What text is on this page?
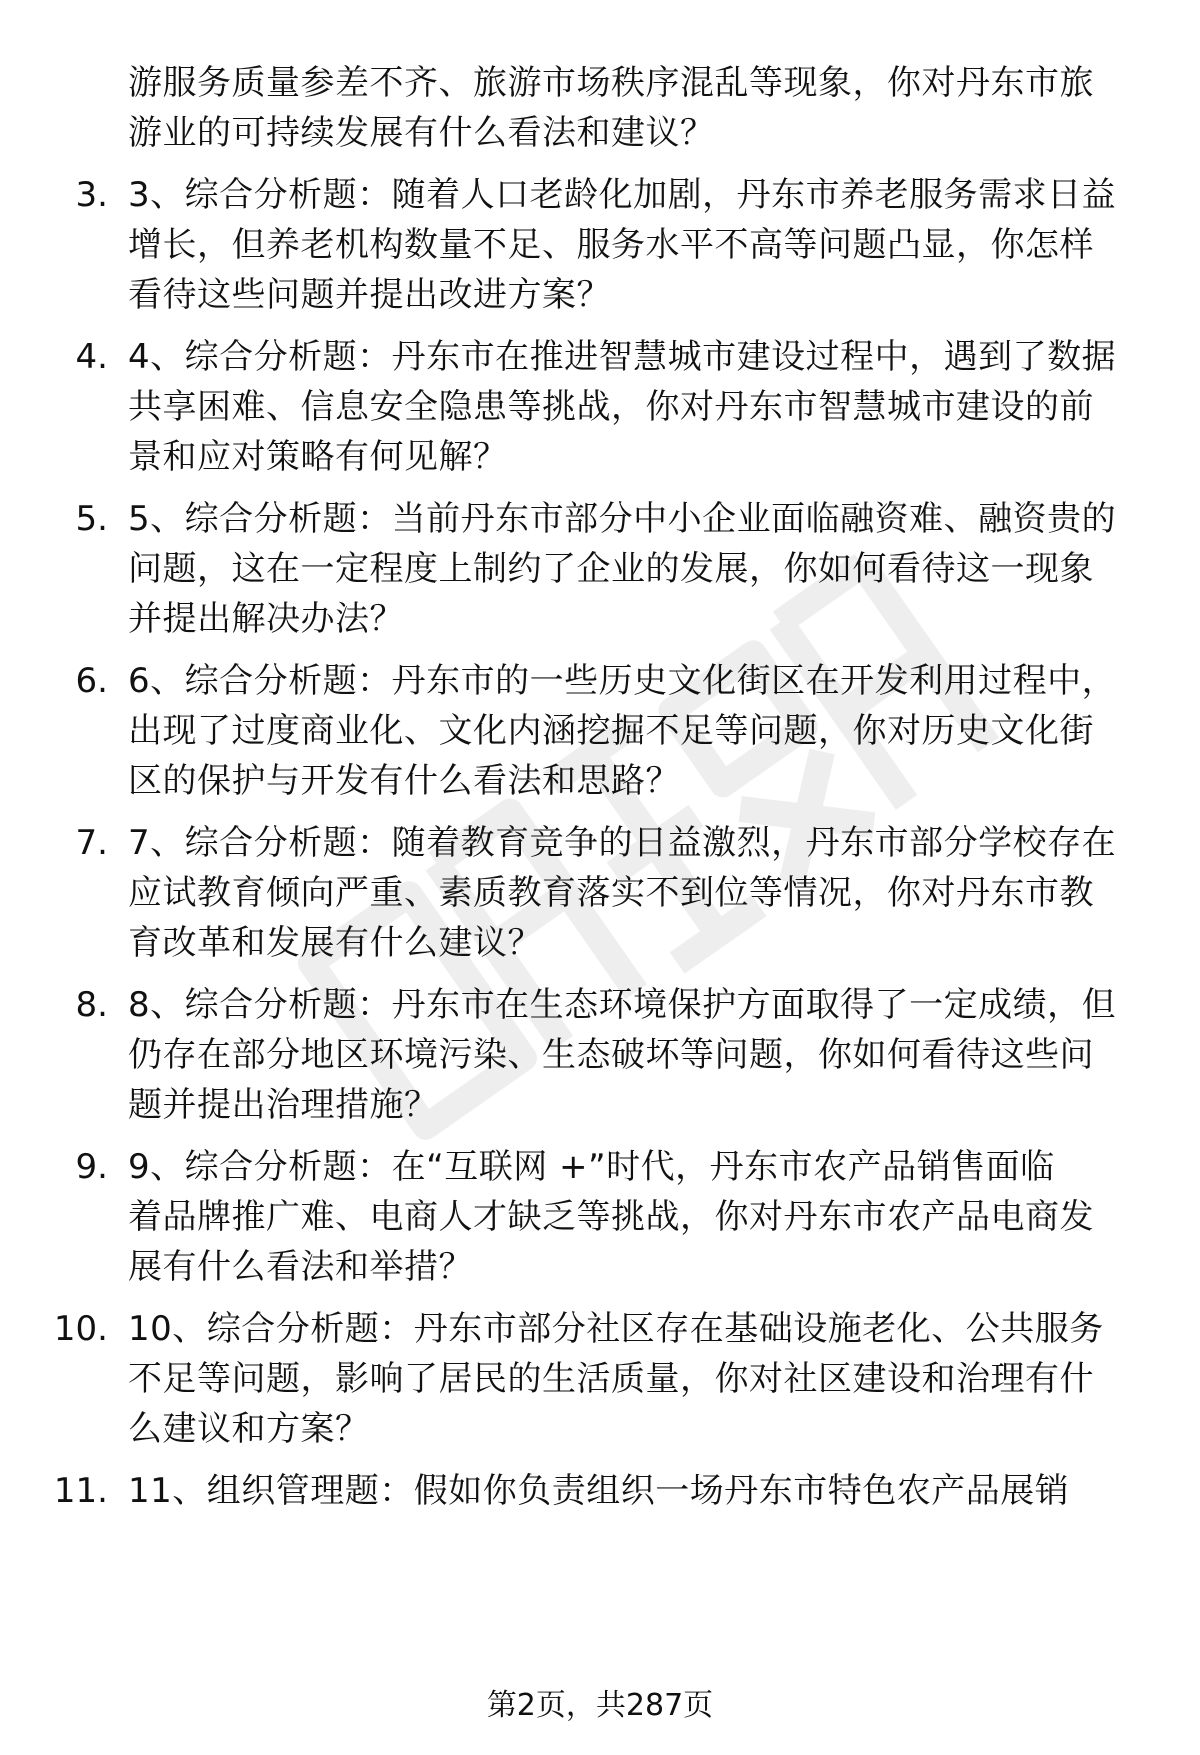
游服务质量参差不齐、旅游市场秩序混乱等现象，你对丹东市旅
游业的可持续发展有什么看法和建议？
3. 3、综合分析题：随着人口老龄化加剧，丹东市养老服务需求日益
增长，但养老机构数量不足、服务水平不高等问题凸显，你怎样
看待这些问题并提出改进方案？
4. 4、综合分析题：丹东市在推进智慧城市建设过程中，遇到了数据
共享困难、信息安全隐患等挑战，你对丹东市智慧城市建设的前
景和应对策略有何见解？
5. 5、综合分析题：当前丹东市部分中小企业面临融资难、融资贵的
问题，这在一定程度上制约了企业的发展，你如何看待这一现象
并提出解决办法？
6. 6、综合分析题：丹东市的一些历史文化街区在开发利用过程中，
出现了过度商业化、文化内涵挖掘不足等问题，你对历史文化街
区的保护与开发有什么看法和思路？
7. 7、综合分析题：随着教育竞争的日益激烈，丹东市部分学校存在
应试教育倾向严重、素质教育落实不到位等情况，你对丹东市教
育改革和发展有什么建议？
8. 8、综合分析题：丹东市在生态环境保护方面取得了一定成绩，但
仍存在部分地区环境污染、生态破坏等问题，你如何看待这些问
题并提出治理措施？
9. 9、综合分析题：在“互联网 +”时代，丹东市农产品销售面临
着品牌推广难、电商人才缺乏等挑战，你对丹东市农产品电商发
展有什么看法和举措？
10. 10、综合分析题：丹东市部分社区存在基础设施老化、公共服务
不足等问题，影响了居民的生活质量，你对社区建设和治理有什
么建议和方案？
11. 11、组织管理题：假如你负责组织一场丹东市特色农产品展销
第2页，共287页
